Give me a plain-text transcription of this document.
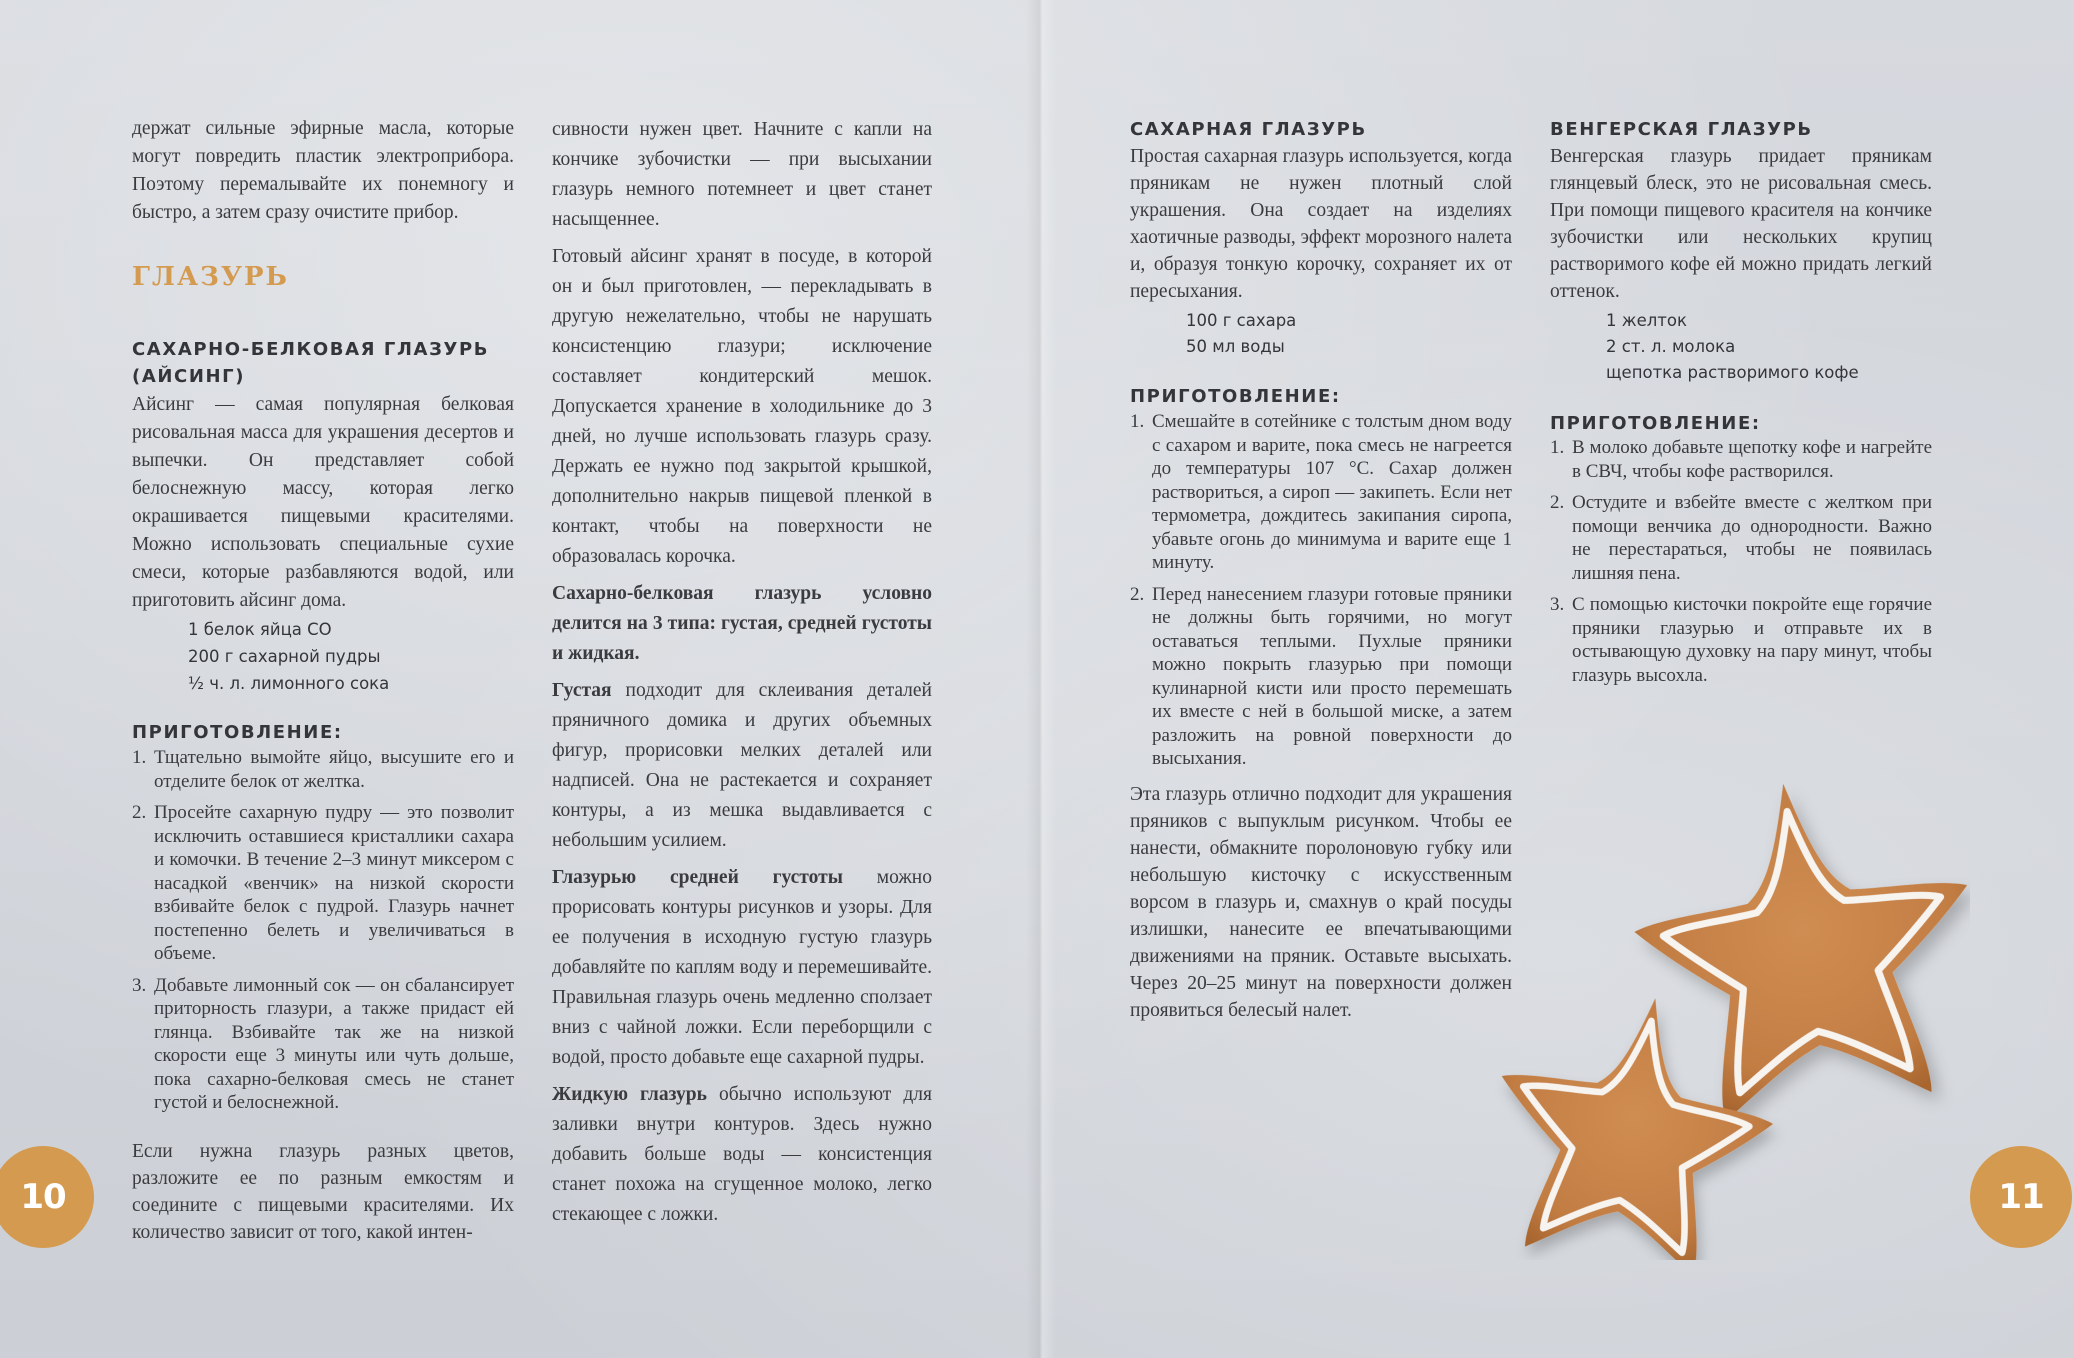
держат сильные эфирные масла, которые могут повредить пластик электроприбора. Поэтому перемалывайте их понемногу и быстро, а затем сразу очистите прибор.

ГЛАЗУРЬ
САХАРНО-БЕЛКОВАЯ ГЛАЗУРЬ (АЙСИНГ)

Айсинг — самая популярная белковая рисовальная масса для украшения десертов и выпечки. Он представляет собой белоснежную массу, которая легко окрашивается пищевыми красителями. Можно использовать специальные сухие смеси, которые разбавляются водой, или приготовить айсинг дома.

1 белок яйца СО
200 г сахарной пудры
½ ч. л. лимонного сока
ПРИГОТОВЛЕНИЕ:
1. Тщательно вымойте яйцо, высушите его и отделите белок от желтка.
2. Просейте сахарную пудру — это позволит исключить оставшиеся кристаллики сахара и комочки. В течение 2–3 минут миксером с насадкой «венчик» на низкой скорости взбивайте белок с пудрой. Глазурь начнет постепенно белеть и увеличиваться в объеме.
3. Добавьте лимонный сок — он сбалансирует приторность глазури, а также придаст ей глянца. Взбивайте так же на низкой скорости еще 3 минуты или чуть дольше, пока сахарно-белковая смесь не станет густой и белоснежной.

Если нужна глазурь разных цветов, разложите ее по разным емкостям и соедините с пищевыми красителями. Их количество зависит от того, какой интен-

сивности нужен цвет. Начните с капли на кончике зубочистки — при высыхании глазурь немного потемнеет и цвет станет насыщеннее.

Готовый айсинг хранят в посуде, в которой он и был приготовлен, — перекладывать в другую нежелательно, чтобы не нарушать консистенцию глазури; исключение составляет кондитерский мешок. Допускается хранение в холодильнике до 3 дней, но лучше использовать глазурь сразу. Держать ее нужно под закрытой крышкой, дополнительно накрыв пищевой пленкой в контакт, чтобы на поверхности не образовалась корочка.

Сахарно-белковая глазурь условно делится на 3 типа: густая, средней густоты и жидкая.

Густая подходит для склеивания деталей пряничного домика и других объемных фигур, прорисовки мелких деталей или надписей. Она не растекается и сохраняет контуры, а из мешка выдавливается с небольшим усилием.

Глазурью средней густоты можно прорисовать контуры рисунков и узоры. Для ее получения в исходную густую глазурь добавляйте по каплям воду и перемешивайте. Правильная глазурь очень медленно сползает вниз с чайной ложки. Если переборщили с водой, просто добавьте еще сахарной пудры.

Жидкую глазурь обычно используют для заливки внутри контуров. Здесь нужно добавить больше воды — консистенция станет похожа на сгущенное молоко, легко стекающее с ложки.

САХАРНАЯ ГЛАЗУРЬ

Простая сахарная глазурь используется, когда пряникам не нужен плотный слой украшения. Она создает на изделиях хаотичные разводы, эффект морозного налета и, образуя тонкую корочку, сохраняет их от пересыхания.

100 г сахара
50 мл воды
ПРИГОТОВЛЕНИЕ:
1. Смешайте в сотейнике с толстым дном воду с сахаром и варите, пока смесь не нагреется до температуры 107 °С. Сахар должен раствориться, а сироп — закипеть. Если нет термометра, дождитесь закипания сиропа, убавьте огонь до минимума и варите еще 1 минуту.
2. Перед нанесением глазури готовые пряники не должны быть горячими, но могут оставаться теплыми. Пухлые пряники можно покрыть глазурью при помощи кулинарной кисти или просто перемешать их вместе с ней в большой миске, а затем разложить на ровной поверхности до высыхания.

Эта глазурь отлично подходит для украшения пряников с выпуклым рисунком. Чтобы ее нанести, обмакните поролоновую губку или небольшую кисточку с искусственным ворсом в глазурь и, смахнув о край посуды излишки, нанесите ее впечатывающими движениями на пряник. Оставьте высыхать. Через 20–25 минут на поверхности должен проявиться белесый налет.

ВЕНГЕРСКАЯ ГЛАЗУРЬ

Венгерская глазурь придает пряникам глянцевый блеск, это не рисовальная смесь. При помощи пищевого красителя на кончике зубочистки или нескольких крупиц растворимого кофе ей можно придать легкий оттенок.

1 желток
2 ст. л. молока
щепотка растворимого кофе
ПРИГОТОВЛЕНИЕ:
1. В молоко добавьте щепотку кофе и нагрейте в СВЧ, чтобы кофе растворился.
2. Остудите и взбейте вместе с желтком при помощи венчика до однородности. Важно не перестараться, чтобы не появилась лишняя пена.
3. С помощью кисточки покройте еще горячие пряники глазурью и отправьте их в остывающую духовку на пару минут, чтобы глазурь высохла.
10	11
